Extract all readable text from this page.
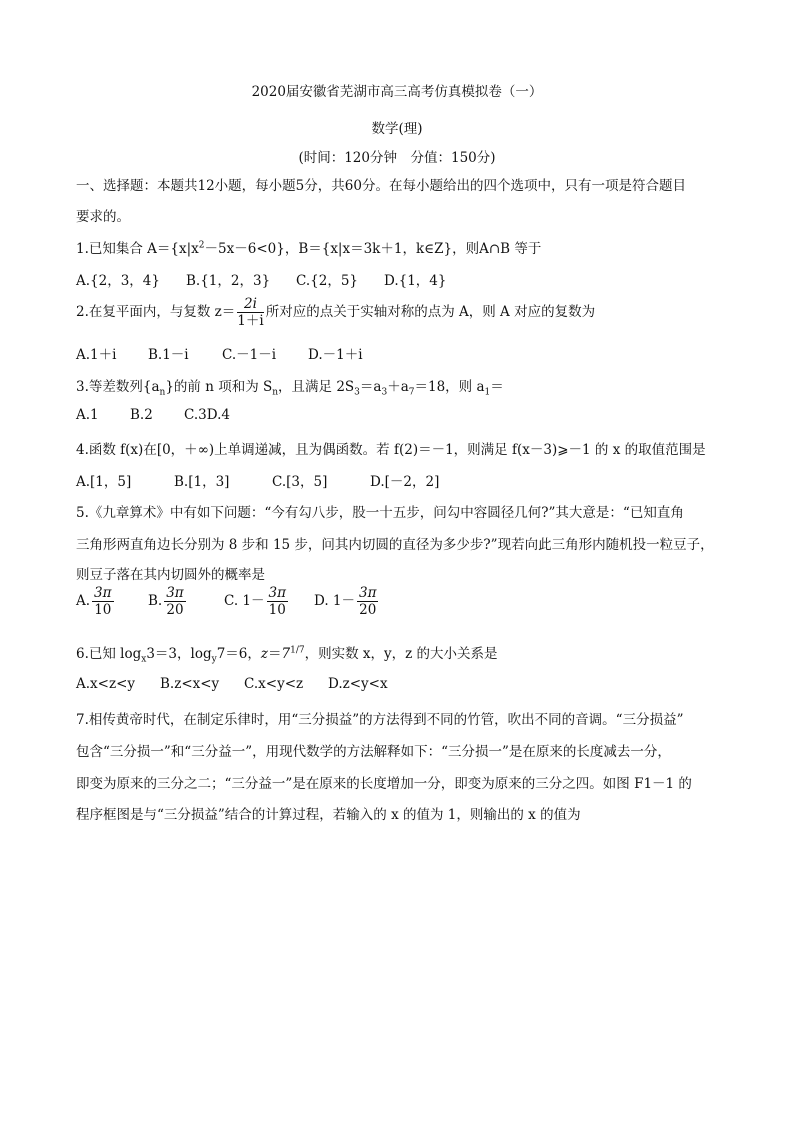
2020届安徽省芜湖市高三高考仿真模拟卷（一）
数学(理)
(时间：120分钟　分值：150分)
一、选择题：本题共12小题，每小题5分，共60分。在每小题给出的四个选项中，只有一项是符合题目
要求的。
1.已知集合 $A=\{x|x^2-5x-6<0\}$，B＝{x|x＝3k＋1，k∈Z}，则A∩B 等于
A.{2，3，4} B.{1，2，3} C.{2，5} D.{1，4}
2.在复平面内，与复数 $z= \frac{2i}{1+i}$ 所对应的点关于实轴对称的点为 A，则 A 对应的复数为
A.1＋i B.1－i C.－1－i D.－1＋i
3.等差数列$\{a_n\}$的前 n 项和为 $S_n$，且满足 $2S_3=a_3+a_7=18$，则 $a_1=$
A.1 B.2 C.3D.4
4.函数 f(x)在[0，＋∞)上单调递减，且为偶函数。若 f(2)＝－1，则满足 f(x－3)⩾－1 的 x 的取值范围是
A.[1，5]	B.[1，3]	C.[3，5]	D.[－2，2]
5.《九章算术》中有如下问题：“今有勾八步，股一十五步，问勾中容圆径几何?”其大意是：“已知直角
三角形两直角边长分别为 8 步和 15 步，问其内切圆的直径为多少步?”现若向此三角形内随机投一粒豆子，
则豆子落在其内切圆外的概率是
A. $\frac{3\pi}{10}$	B. $\frac{3\pi}{20}$	C. $1- \frac{3\pi}{10} D$. $1- \frac{3\pi}{20}$
6.已知 $\log_x3=3$，$\log_y7=6$，$z=7^{1/7}$，则实数 x，y，z 的大小关系是
A.x<z<y B.z<x<y C.x<y<z D.z<y<x
7.相传黄帝时代，在制定乐律时，用“三分损益”的方法得到不同的竹管，吹出不同的音调。“三分损益”
包含“三分损一”和“三分益一”，用现代数学的方法解释如下：“三分损一”是在原来的长度减去一分，
即变为原来的三分之二；“三分益一”是在原来的长度增加一分，即变为原来的三分之四。如图 F1－1 的
程序框图是与“三分损益”结合的计算过程，若输入的 x 的值为 1，则输出的 x 的值为
